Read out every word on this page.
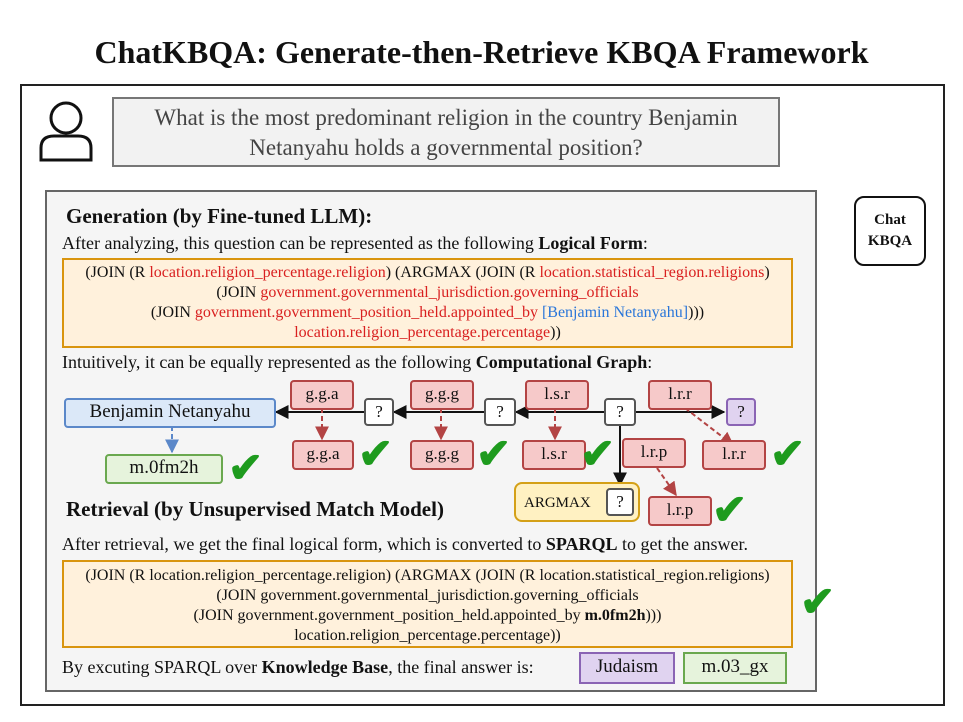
ChatKBQA: Generate-then-Retrieve KBQA Framework
What is the most predominant religion in the country Benjamin
Netanyahu holds a governmental position?
Chat
KBQA
Generation (by Fine-tuned LLM):
After analyzing, this question can be represented as the following Logical Form:
(JOIN (R location.religion_percentage.religion) (ARGMAX (JOIN (R location.statistical_region.religions)
(JOIN government.governmental_jurisdiction.governing_officials
(JOIN government.government_position_held.appointed_by [Benjamin Netanyahu])))
location.religion_percentage.percentage))
Intuitively, it can be equally represented as the following Computational Graph:
Benjamin Netanyahu
m.0fm2h
g.g.a	g.g.g	l.s.r	l.r.r
l.r.p
?	?	?	?
g.g.a	g.g.g	l.s.r	l.r.r
l.r.p
ARGMAX	?
✔ ✔ ✔ ✔	✔
✔
Retrieval (by Unsupervised Match Model)
After retrieval, we get the final logical form, which is converted to SPARQL to get the answer.
(JOIN (R location.religion_percentage.religion) (ARGMAX (JOIN (R location.statistical_region.religions)
(JOIN government.governmental_jurisdiction.governing_officials
(JOIN government.government_position_held.appointed_by m.0fm2h)))
location.religion_percentage.percentage))
✔
By excuting SPARQL over Knowledge Base, the final answer is:	Judaism	m.03_gx
